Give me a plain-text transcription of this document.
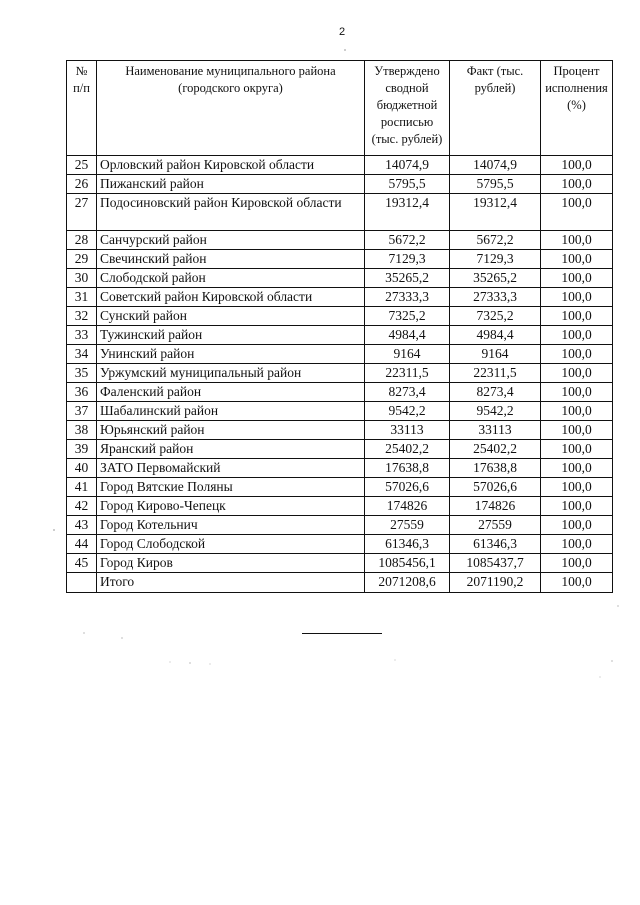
2
№ п/п	Наименование муниципального района (городского округа)	Утверждено сводной бюджетной росписью (тыс. рублей)	Факт (тыс. рублей)	Процент исполнения (%)
25	Орловский район Кировской области	14074,9	14074,9	100,0
26	Пижанский район	5795,5	5795,5	100,0
27	Подосиновский район Кировской области	19312,4	19312,4	100,0
28	Санчурский район	5672,2	5672,2	100,0
29	Свечинский район	7129,3	7129,3	100,0
30	Слободской район	35265,2	35265,2	100,0
31	Советский район Кировской области	27333,3	27333,3	100,0
32	Сунский район	7325,2	7325,2	100,0
33	Тужинский район	4984,4	4984,4	100,0
34	Унинский район	9164	9164	100,0
35	Уржумский муниципальный район	22311,5	22311,5	100,0
36	Фаленский район	8273,4	8273,4	100,0
37	Шабалинский район	9542,2	9542,2	100,0
38	Юрьянский район	33113	33113	100,0
39	Яранский район	25402,2	25402,2	100,0
40	ЗАТО Первомайский	17638,8	17638,8	100,0
41	Город Вятские Поляны	57026,6	57026,6	100,0
42	Город Кирово-Чепецк	174826	174826	100,0
43	Город Котельнич	27559	27559	100,0
44	Город Слободской	61346,3	61346,3	100,0
45	Город Киров	1085456,1	1085437,7	100,0
	Итого	2071208,6	2071190,2	100,0
